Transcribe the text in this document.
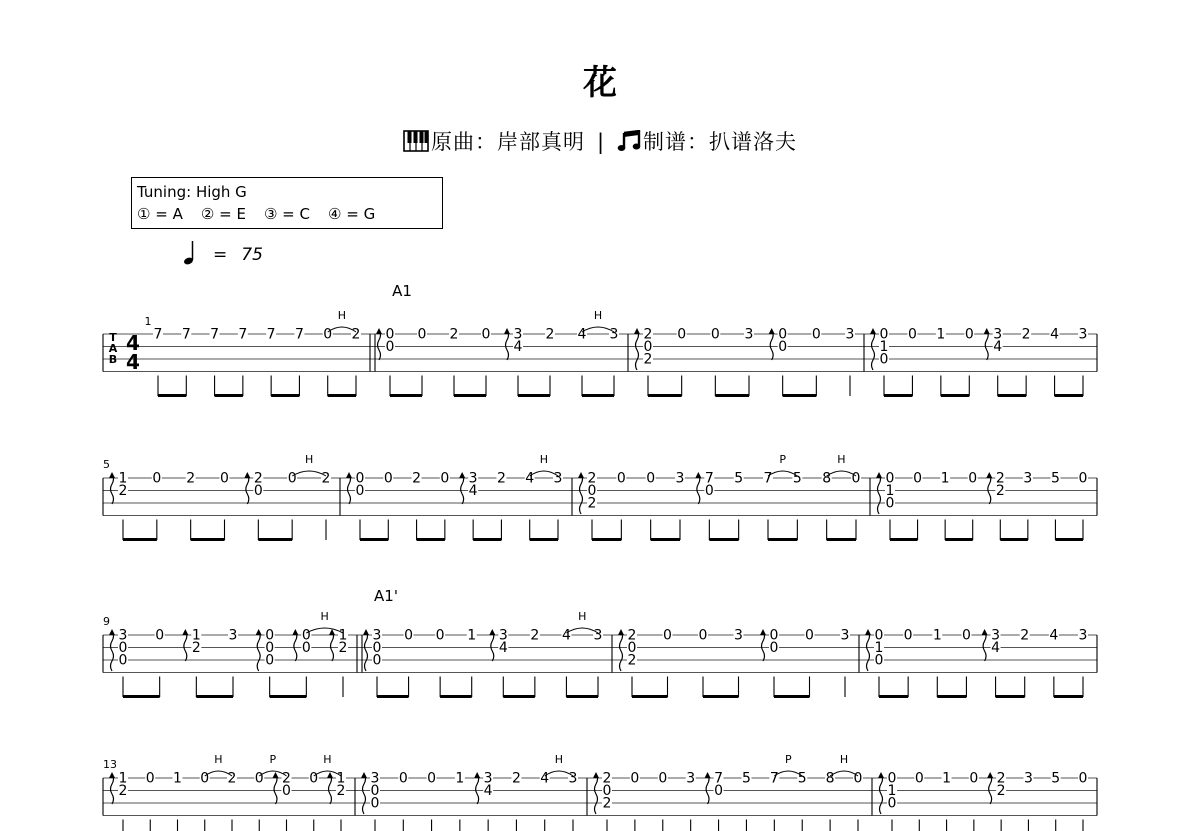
花
原曲：岸部真明 | 制谱：扒谱洛夫
Tuning: High G
① = A ② = E ③ = C ④ = G
= 75
1
A1
T
A
B
4
4
7 7 7 7 7 7 0 2
H
0
0
0 2 0 3
4
2 4 3
H
2
0
2
0 0 3 0
0
0 3 0
1
0
0 1 0 3
4
2 4 3
5
1
2
0 2 0 2
0
0 2
H
0
0
0 2 0 3
4
2 4 3
H
2
0
2
0 0 3 7
0
5 7 5 8 0
H
P
0
1
0
0 1 0 2
2
3 5 0
9
A1'
3
0
0
0 1
2
3 0
0
0
0
0
1
2
H
3
0
0
0 0 1 3
4
2 4 3
H
2
0
2
0 0 3 0
0
0 3 0
1
0
0 1 0 3
4
2 4 3
13
1
2
0 1 0 2 0 2
0
0 1
2
H
P
H
3
0
0
0 0 1 3
4
2 4 3
H
2
0
2
0 0 3 7
0
5 7 5 8 0
H
P
0
1
0
0 1 0 2
2
3 5 0
